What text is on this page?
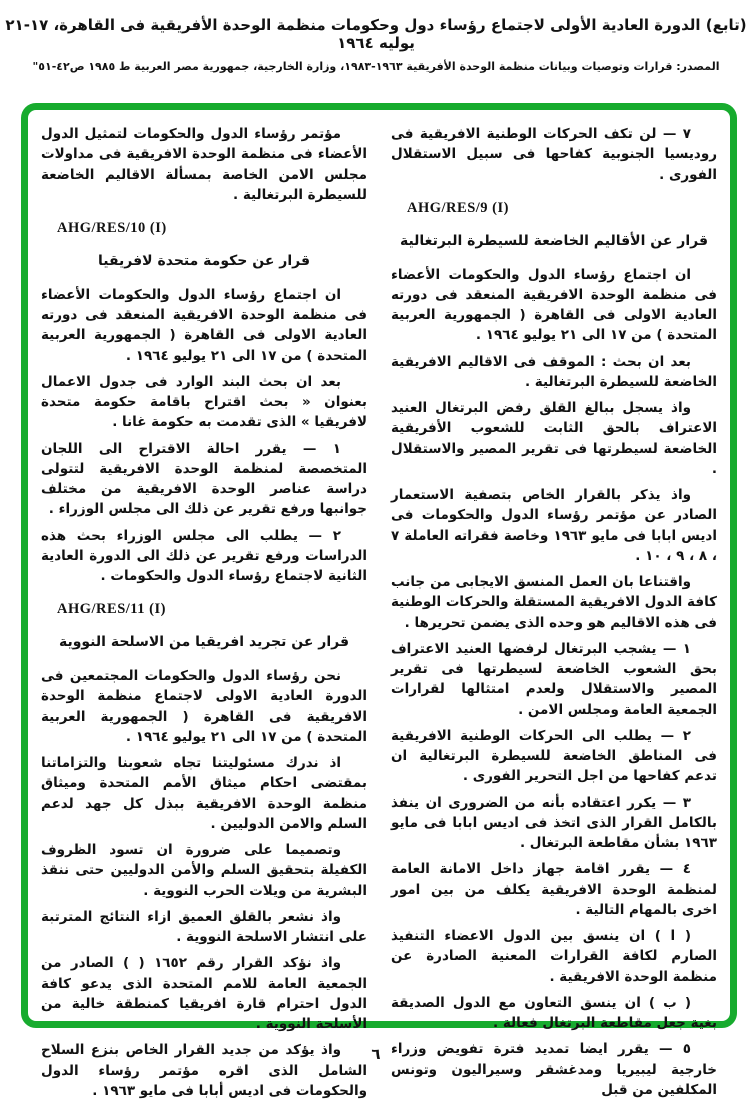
(تابع) الدورة العادية الأولى لاجتماع رؤساء دول وحكومات منظمة الوحدة الأفريقية فى القاهرة، ١٧-٢١ يوليه ١٩٦٤
المصدر: قرارات وتوصيات وبيانات منظمة الوحدة الأفريقية ١٩٦٣-١٩٨٣، وزارة الخارجية، جمهورية مصر العربية ط ١٩٨٥ ص٤٢-٥١"
٧ — لن تكف الحركات الوطنية الافريقية فى روديسيا الجنوبية كفاحها فى سبيل الاستقلال الفورى .
AHG/RES/9 (I)
قرار عن الأقاليم الخاضعة للسيطرة البرتغالية
ان اجتماع رؤساء الدول والحكومات الأعضاء فى منظمة الوحدة الافريقية المنعقد فى دورته العادية الاولى فى القاهرة ( الجمهورية العربية المتحدة ) من ١٧ الى ٢١ يوليو ١٩٦٤ .
بعد ان بحث : الموقف فى الاقاليم الافريقية الخاضعة للسيطرة البرتغالية .
واذ يسجل ببالغ القلق رفض البرتغال العنيد الاعتراف بالحق الثابت للشعوب الأفريقية الخاضعة لسيطرتها فى تقرير المصير والاستقلال .
واذ يذكر بالقرار الخاص بتصفية الاستعمار الصادر عن مؤتمر رؤساء الدول والحكومات فى اديس ابابا فى مايو ١٩٦٣ وخاصة فقراته العاملة ٧ ، ٨ ، ٩ ، ١٠ .
واقتناعا بان العمل المنسق الايجابى من جانب كافة الدول الافريقية المستقلة والحركات الوطنية فى هذه الاقاليم هو وحده الذى يضمن تحريرها .
١ — يشجب البرتغال لرفضها العنيد الاعتراف بحق الشعوب الخاضعة لسيطرتها فى تقرير المصير والاستقلال ولعدم امتثالها لقرارات الجمعية العامة ومجلس الامن .
٢ — يطلب الى الحركات الوطنية الافريقية فى المناطق الخاضعة للسيطرة البرتغالية ان تدعم كفاحها من اجل التحرير الفورى .
٣ — يكرر اعتقاده بأنه من الضرورى ان ينفذ بالكامل القرار الذى اتخذ فى اديس ابابا فى مايو ١٩٦٣ بشأن مقاطعة البرتغال .
٤ — يقرر اقامة جهاز داخل الامانة العامة لمنظمة الوحدة الافريقية يكلف من بين امور اخرى بالمهام التالية .
( ا ) ان ينسق بين الدول الاعضاء التنفيذ الصارم لكافة القرارات المعنية الصادرة عن منظمة الوحدة الافريقية .
( ب ) ان ينسق التعاون مع الدول الصديقة بغية جعل مقاطعة البرتغال فعالة .
٥ — يقرر ايضا تمديد فترة تفويض وزراء خارجية ليبيريا ومدغشقر وسيراليون وتونس المكلفين من قبل
مؤتمر رؤساء الدول والحكومات لتمثيل الدول الأعضاء فى منظمة الوحدة الافريقية فى مداولات مجلس الامن الخاصة بمسألة الاقاليم الخاضعة للسيطرة البرتغالية .
AHG/RES/10 (I)
قرار عن حكومة متحدة لافريقيا
ان اجتماع رؤساء الدول والحكومات الأعضاء فى منظمة الوحدة الافريقية المنعقد فى دورته العادية الاولى فى القاهرة ( الجمهورية العربية المتحدة ) من ١٧ الى ٢١ يوليو ١٩٦٤ .
بعد ان بحث البند الوارد فى جدول الاعمال بعنوان « بحث اقتراح باقامة حكومة متحدة لافريقيا » الذى تقدمت به حكومة غانا .
١ — يقرر احالة الاقتراح الى اللجان المتخصصة لمنظمة الوحدة الافريقية لتتولى دراسة عناصر الوحدة الافريقية من مختلف جوانبها ورفع تقرير عن ذلك الى مجلس الوزراء .
٢ — يطلب الى مجلس الوزراء بحث هذه الدراسات ورفع تقرير عن ذلك الى الدورة العادية الثانية لاجتماع رؤساء الدول والحكومات .
AHG/RES/11 (I)
قرار عن تجريد افريقيا من الاسلحة النووية
نحن رؤساء الدول والحكومات المجتمعين فى الدورة العادية الاولى لاجتماع منظمة الوحدة الافريقية فى القاهرة ( الجمهورية العربية المتحدة ) من ١٧ الى ٢١ يوليو ١٩٦٤ .
اذ ندرك مسئوليتنا تجاه شعوبنا والتزاماتنا بمقتضى احكام ميثاق الأمم المتحدة وميثاق منظمة الوحدة الافريقية ببذل كل جهد لدعم السلم والامن الدوليين .
وتصميما على ضرورة ان تسود الظروف الكفيلة بتحقيق السلم والأمن الدوليين حتى ننقذ البشرية من ويلات الحرب النووية .
واذ نشعر بالقلق العميق ازاء النتائج المترتبة على انتشار الاسلحة النووية .
واذ نؤكد القرار رقم ١٦٥٢ ( ) الصادر من الجمعية العامة للامم المتحدة الذى يدعو كافة الدول احترام قارة افريقيا كمنطقة خالية من الأسلحة النووية .
واذ يؤكد من جديد القرار الخاص بنزع السلاح الشامل الذى اقره مؤتمر رؤساء الدول والحكومات فى اديس أبابا فى مايو ١٩٦٣ .
٦
